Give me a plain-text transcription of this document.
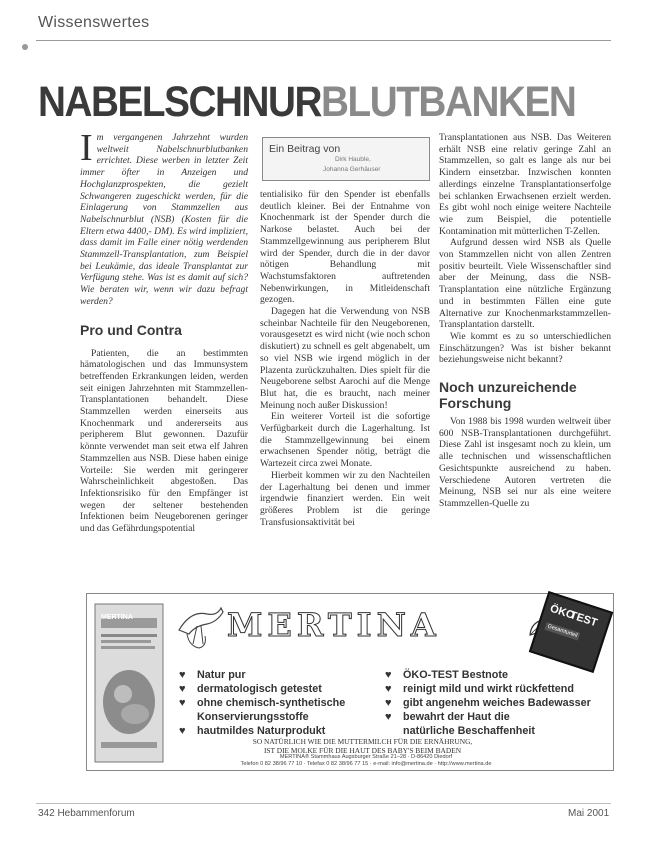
Wissenswertes
NABELSCHNURBLUTBANKEN

Im vergangenen Jahrzehnt wurden weltweit Nabelschnurblutbanken errichtet. Diese werben in letzter Zeit immer öfter in Anzeigen und Hochglanzprospekten, die gezielt Schwangeren zugeschickt werden, für die Einlagerung von Stammzellen aus Nabelschnurblut (NSB) (Kosten für die Eltern etwa 4400,- DM). Es wird impliziert, dass damit im Falle einer nötig werdenden Stammzell-Transplantation, zum Beispiel bei Leukämie, das ideale Transplantat zur Verfügung stehe. Was ist es damit auf sich? Wie beraten wir, wenn wir dazu befragt werden?

Pro und Contra

Patienten, die an bestimmten hämatologischen und das Immunsystem betreffenden Erkrankungen leiden, werden seit einigen Jahrzehnten mit Stammzellen-Transplantationen behandelt. Diese Stammzellen werden einerseits aus Knochenmark und andererseits aus peripherem Blut gewonnen. Dazufür könnte verwendet man seit etwa elf Jahren Stammzellen aus NSB. Diese haben einige Vorteile: Sie werden mit geringerer Wahrscheinlichkeit abgestoßen. Das Infektionsrisiko für den Empfänger ist wegen der seltener bestehenden Infektionen beim Neugeborenen geringer und das Gefährdungspotential

Ein Beitrag von
Dirk Hauble,
Johanna Gerhäuser

tentialisiko für den Spender ist ebenfalls deutlich kleiner. Bei der Entnahme von Knochenmark ist der Spender durch die Narkose belastet. Auch bei der Stammzellgewinnung aus peripherem Blut wird der Spender, durch die in der davor nötigen Behandlung mit Wachstumsfaktoren auftretenden Nebenwirkungen, in Mitleidenschaft gezogen.

Dagegen hat die Verwendung von NSB scheinbar Nachteile für den Neugeborenen, vorausgesetzt es wird nicht (wie noch schon diskutiert) zu schnell es gelt abgenabelt, um so viel NSB wie irgend möglich in der Plazenta zurückzuhalten. Dies spielt für die Neugeborene selbst Aarochi auf die Menge Blut hat, die es braucht, nach meiner Meinung noch außer Diskussion!

Ein weiterer Vorteil ist die sofortige Verfügbarkeit durch die Lagerhaltung. Ist die Stammzellgewinnung bei einem erwachsenen Spender nötig, beträgt die Wartezeit circa zwei Monate.

Hierbeit kommen wir zu den Nachteilen der Lagerhaltung bei denen und immer irgendwie finanziert werden. Ein weit größeres Problem ist die geringe Transfusionsaktivität bei

Transplantationen aus NSB. Das Weiteren erhält NSB eine relativ geringe Zahl an Stammzellen, so galt es lange als nur bei Kindern einsetzbar. Inzwischen konnten allerdings einzelne Transplantationserfolge bei schlanken Erwachsenen erzielt werden. Es gibt wohl noch einige weitere Nachteile wie zum Beispiel, die potentielle Kontamination mit mütterlichen T-Zellen.

Aufgrund dessen wird NSB als Quelle von Stammzellen nicht von allen Zentren positiv beurteilt. Viele Wissenschaftler sind aber der Meinung, dass die NSB-Transplantation eine nützliche Ergänzung und in bestimmten Fällen eine gute Alternative zur Knochenmarkstammzellen-Transplantation darstellt.

Wie kommt es zu so unterschiedlichen Einschätzungen? Was ist bisher bekannt beziehungsweise nicht bekannt?

Noch unzureichende Forschung

Von 1988 bis 1998 wurden weltweit über 600 NSB-Transplantationen durchgeführt. Diese Zahl ist insgesamt noch zu klein, um alle technischen und wissenschaftlichen Gesichtspunkte ausreichend zu haben. Verschiedene Autoren vertreten die Meinung, NSB sei nur als eine weitere Stammzellen-Quelle zu

MERTINA	MERTINA	ÖKO
TEST
Gesamturteil
♥ Natur pur
♥ dermatologisch getestet
♥ ohne chemisch-synthetische
Konservierungsstoffe
♥ hautmildes Naturprodukt
♥ ÖKO-TEST Bestnote
♥ reinigt mild und wirkt rückfettend
♥ gibt angenehm weiches Badewasser
♥ bewahrt der Haut die
natürliche Beschaffenheit
SO NATÜRLICH WIE DIE MUTTERMILCH FÜR DIE ERNÄHRUNG,
IST DIE MOLKE FÜR DIE HAUT DES BABY'S BEIM BADEN
MERTINA® Stammhaus Augsburger Straße 21–28 · D-86420 Diedorf
Telefon 0 82 38/96 77 10 · Telefax 0 82 38/96 77 15 · e-mail: info@mertina.de · http://www.mertina.de
342 Hebammenforum	Mai 2001
